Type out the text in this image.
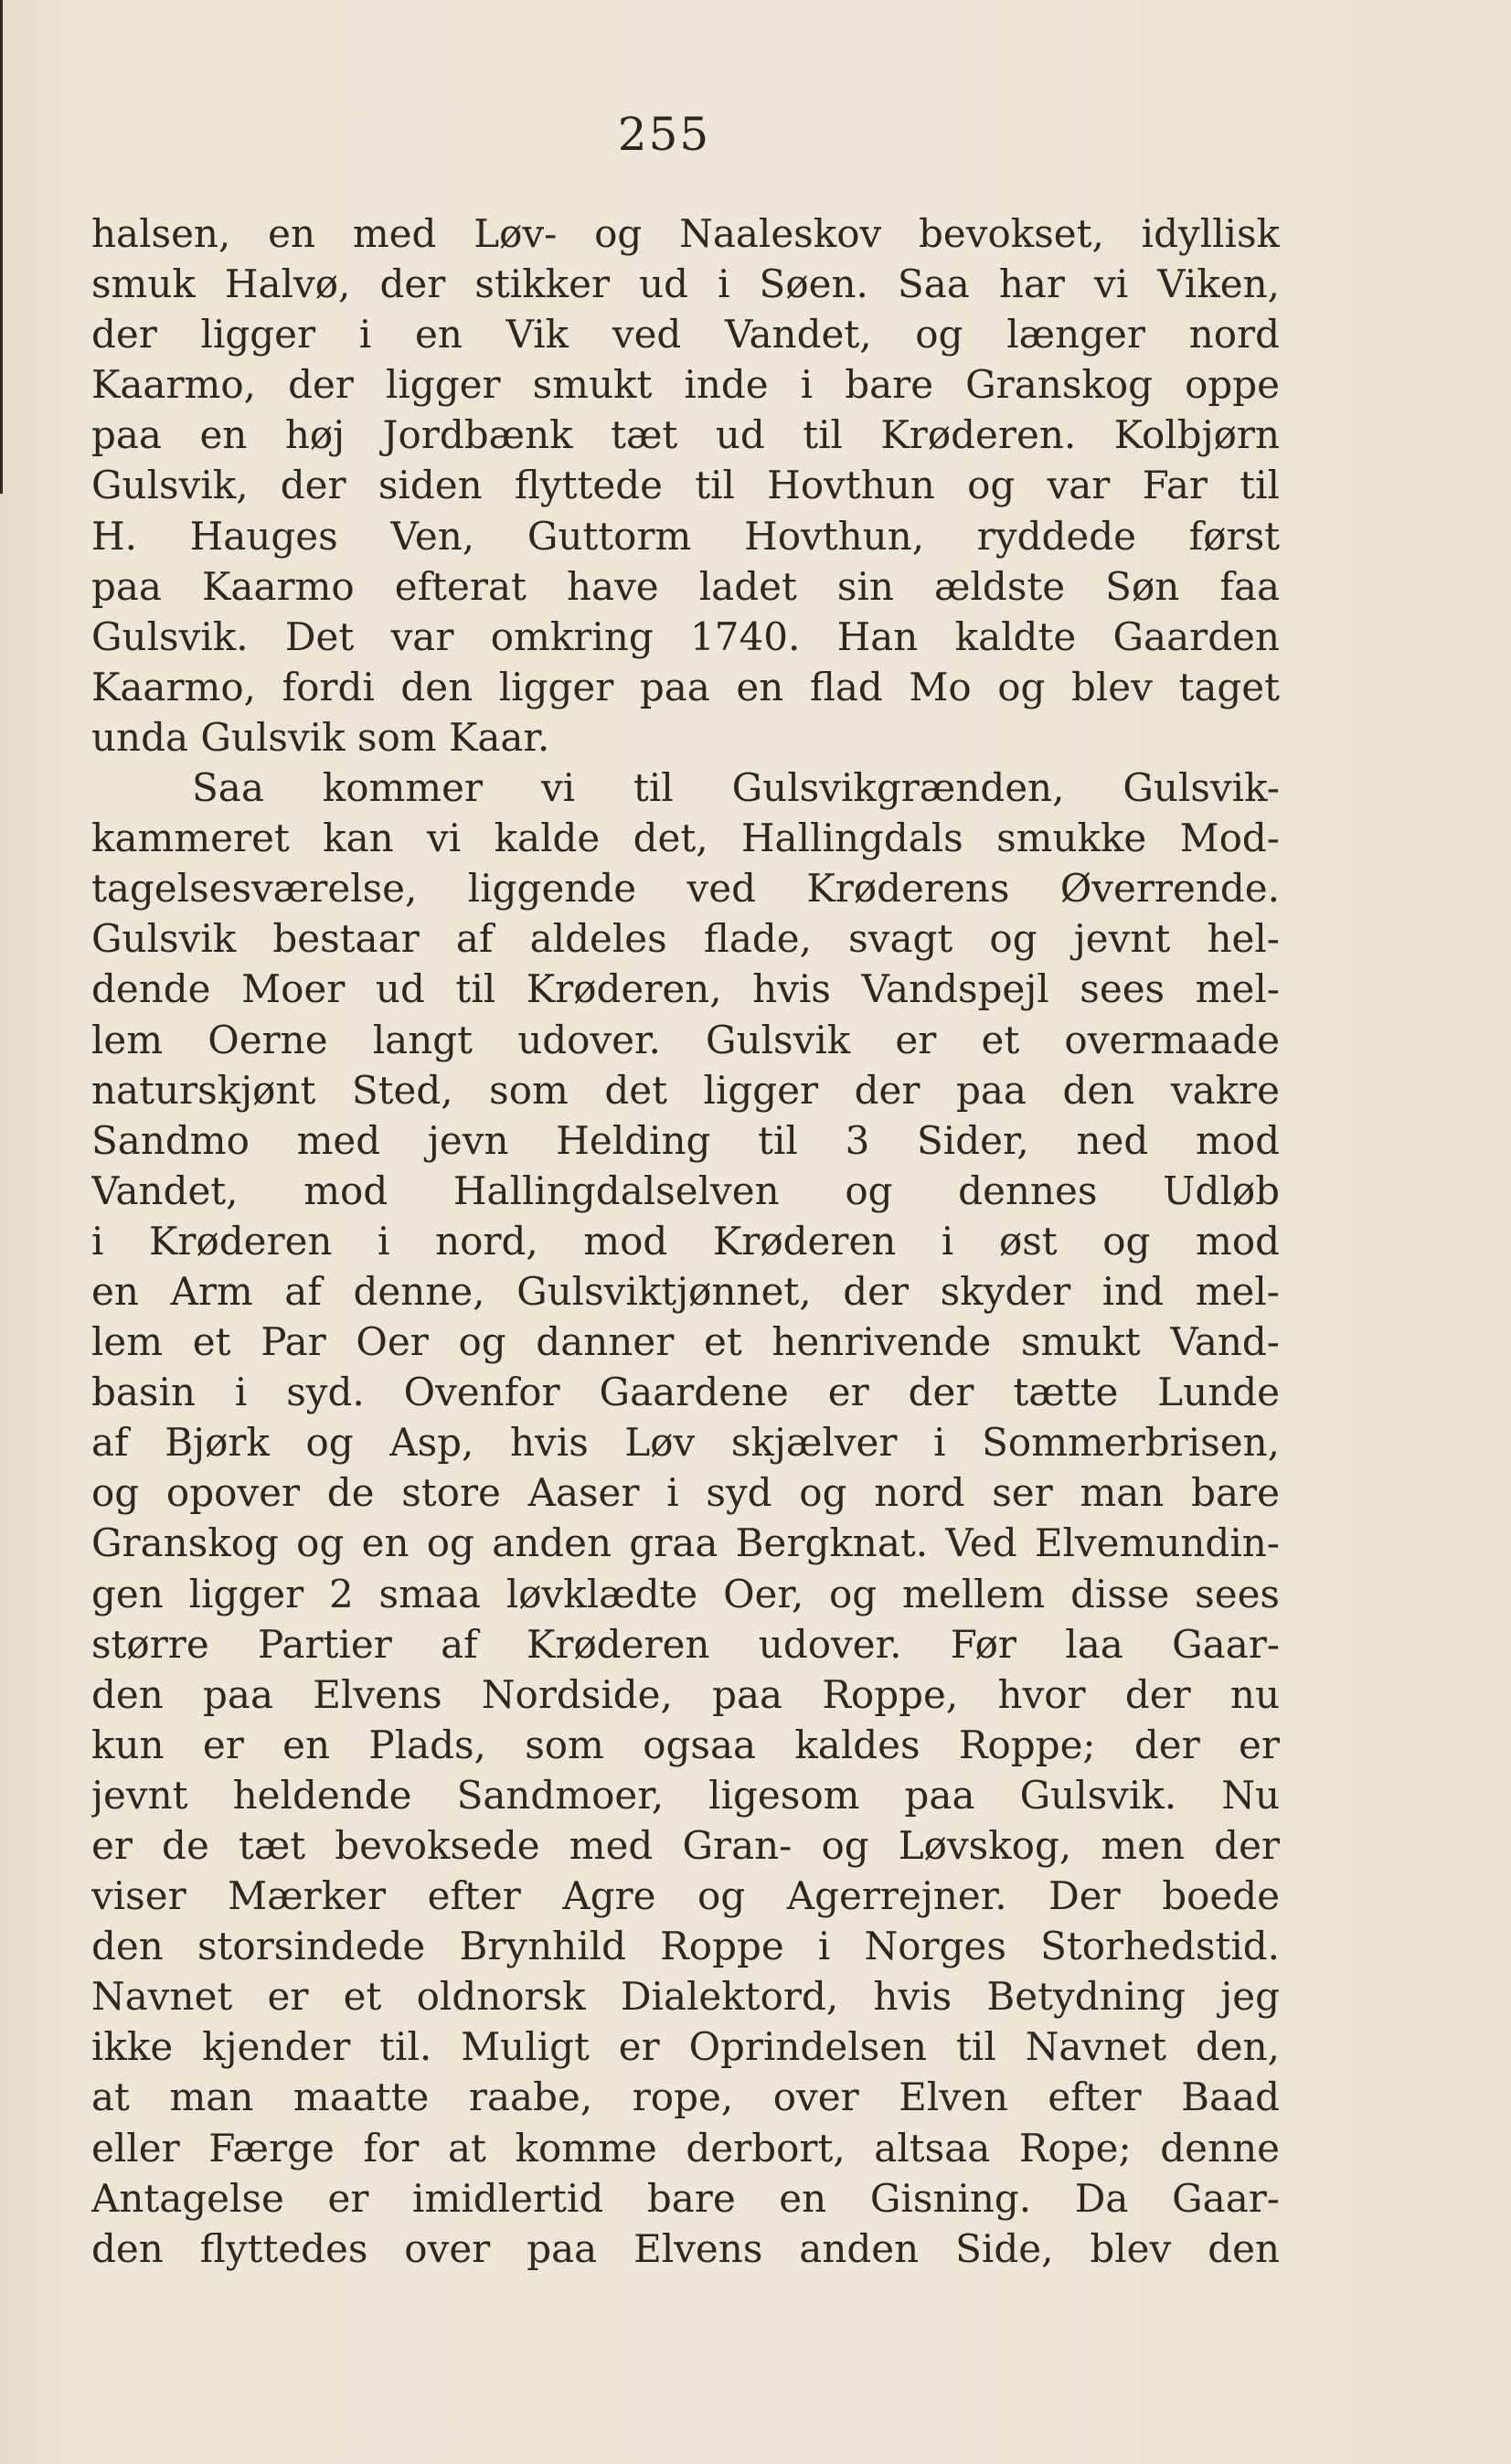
255
halsen, en med Løv- og Naaleskov bevokset, idyllisk
smuk Halvø, der stikker ud i Søen. Saa har vi Viken,
der ligger i en Vik ved Vandet, og længer nord
Kaarmo, der ligger smukt inde i bare Granskog oppe
paa en høj Jordbænk tæt ud til Krøderen. Kolbjørn
Gulsvik, der siden flyttede til Hovthun og var Far til
H. Hauges Ven, Guttorm Hovthun, ryddede først
paa Kaarmo efterat have ladet sin ældste Søn faa
Gulsvik. Det var omkring 1740. Han kaldte Gaarden
Kaarmo, fordi den ligger paa en flad Mo og blev taget
unda Gulsvik som Kaar.
Saa kommer vi til Gulsvikgrænden, Gulsvik-
kammeret kan vi kalde det, Hallingdals smukke Mod-
tagelsesværelse, liggende ved Krøderens Øverrende.
Gulsvik bestaar af aldeles flade, svagt og jevnt hel-
dende Moer ud til Krøderen, hvis Vandspejl sees mel-
lem Oerne langt udover. Gulsvik er et overmaade
naturskjønt Sted, som det ligger der paa den vakre
Sandmo med jevn Helding til 3 Sider, ned mod
Vandet, mod Hallingdalselven og dennes Udløb
i Krøderen i nord, mod Krøderen i øst og mod
en Arm af denne, Gulsviktjønnet, der skyder ind mel-
lem et Par Oer og danner et henrivende smukt Vand-
basin i syd. Ovenfor Gaardene er der tætte Lunde
af Bjørk og Asp, hvis Løv skjælver i Sommerbrisen,
og opover de store Aaser i syd og nord ser man bare
Granskog og en og anden graa Bergknat. Ved Elvemundin-
gen ligger 2 smaa løvklædte Oer, og mellem disse sees
større Partier af Krøderen udover. Før laa Gaar-
den paa Elvens Nordside, paa Roppe, hvor der nu
kun er en Plads, som ogsaa kaldes Roppe; der er
jevnt heldende Sandmoer, ligesom paa Gulsvik. Nu
er de tæt bevoksede med Gran- og Løvskog, men der
viser Mærker efter Agre og Agerrejner. Der boede
den storsindede Brynhild Roppe i Norges Storhedstid.
Navnet er et oldnorsk Dialektord, hvis Betydning jeg
ikke kjender til. Muligt er Oprindelsen til Navnet den,
at man maatte raabe, rope, over Elven efter Baad
eller Færge for at komme derbort, altsaa Rope; denne
Antagelse er imidlertid bare en Gisning. Da Gaar-
den flyttedes over paa Elvens anden Side, blev den
